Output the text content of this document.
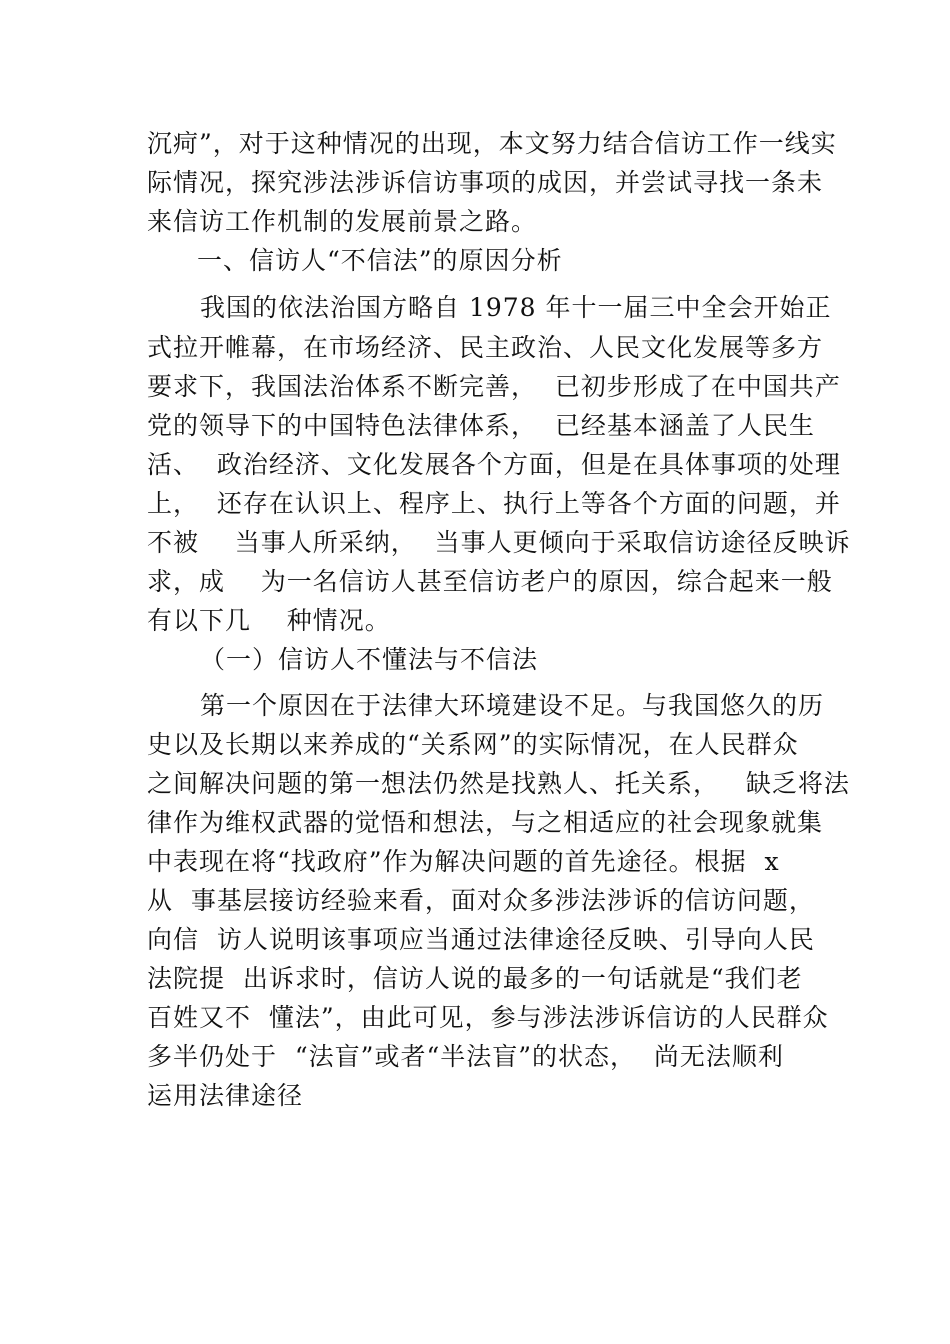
沉疴”，对于这种情况的出现，本文努力结合信访工作一线实
际情况，探究涉法涉诉信访事项的成因，并尝试寻找一条未
来信访工作机制的发展前景之路。
一、信访人“不信法”的原因分析
我国的依法治国方略自 1978 年十一届三中全会开始正
式拉开帷幕，在市场经济、民主政治、人民文化发展等多方
要求下，我国法治体系不断完善，  已初步形成了在中国共产
党的领导下的中国特色法律体系，  已经基本涵盖了人民生
活、  政治经济、文化发展各个方面，但是在具体事项的处理
上，  还存在认识上、程序上、执行上等各个方面的问题，并
不被    当事人所采纳，  当事人更倾向于采取信访途径反映诉
求，成    为一名信访人甚至信访老户的原因，综合起来一般
有以下几    种情况。
（一）信访人不懂法与不信法
第一个原因在于法律大环境建设不足。与我国悠久的历
史以及长期以来养成的“关系网”的实际情况，在人民群众
之间解决问题的第一想法仍然是找熟人、托关系，   缺乏将法
律作为维权武器的觉悟和想法，与之相适应的社会现象就集
中表现在将“找政府”作为解决问题的首先途径。根据  x
从  事基层接访经验来看，面对众多涉法涉诉的信访问题，
向信  访人说明该事项应当通过法律途径反映、引导向人民
法院提  出诉求时，信访人说的最多的一句话就是“我们老
百姓又不  懂法”，由此可见，参与涉法涉诉信访的人民群众
多半仍处于  “法盲”或者“半法盲”的状态，  尚无法顺利
运用法律途径
